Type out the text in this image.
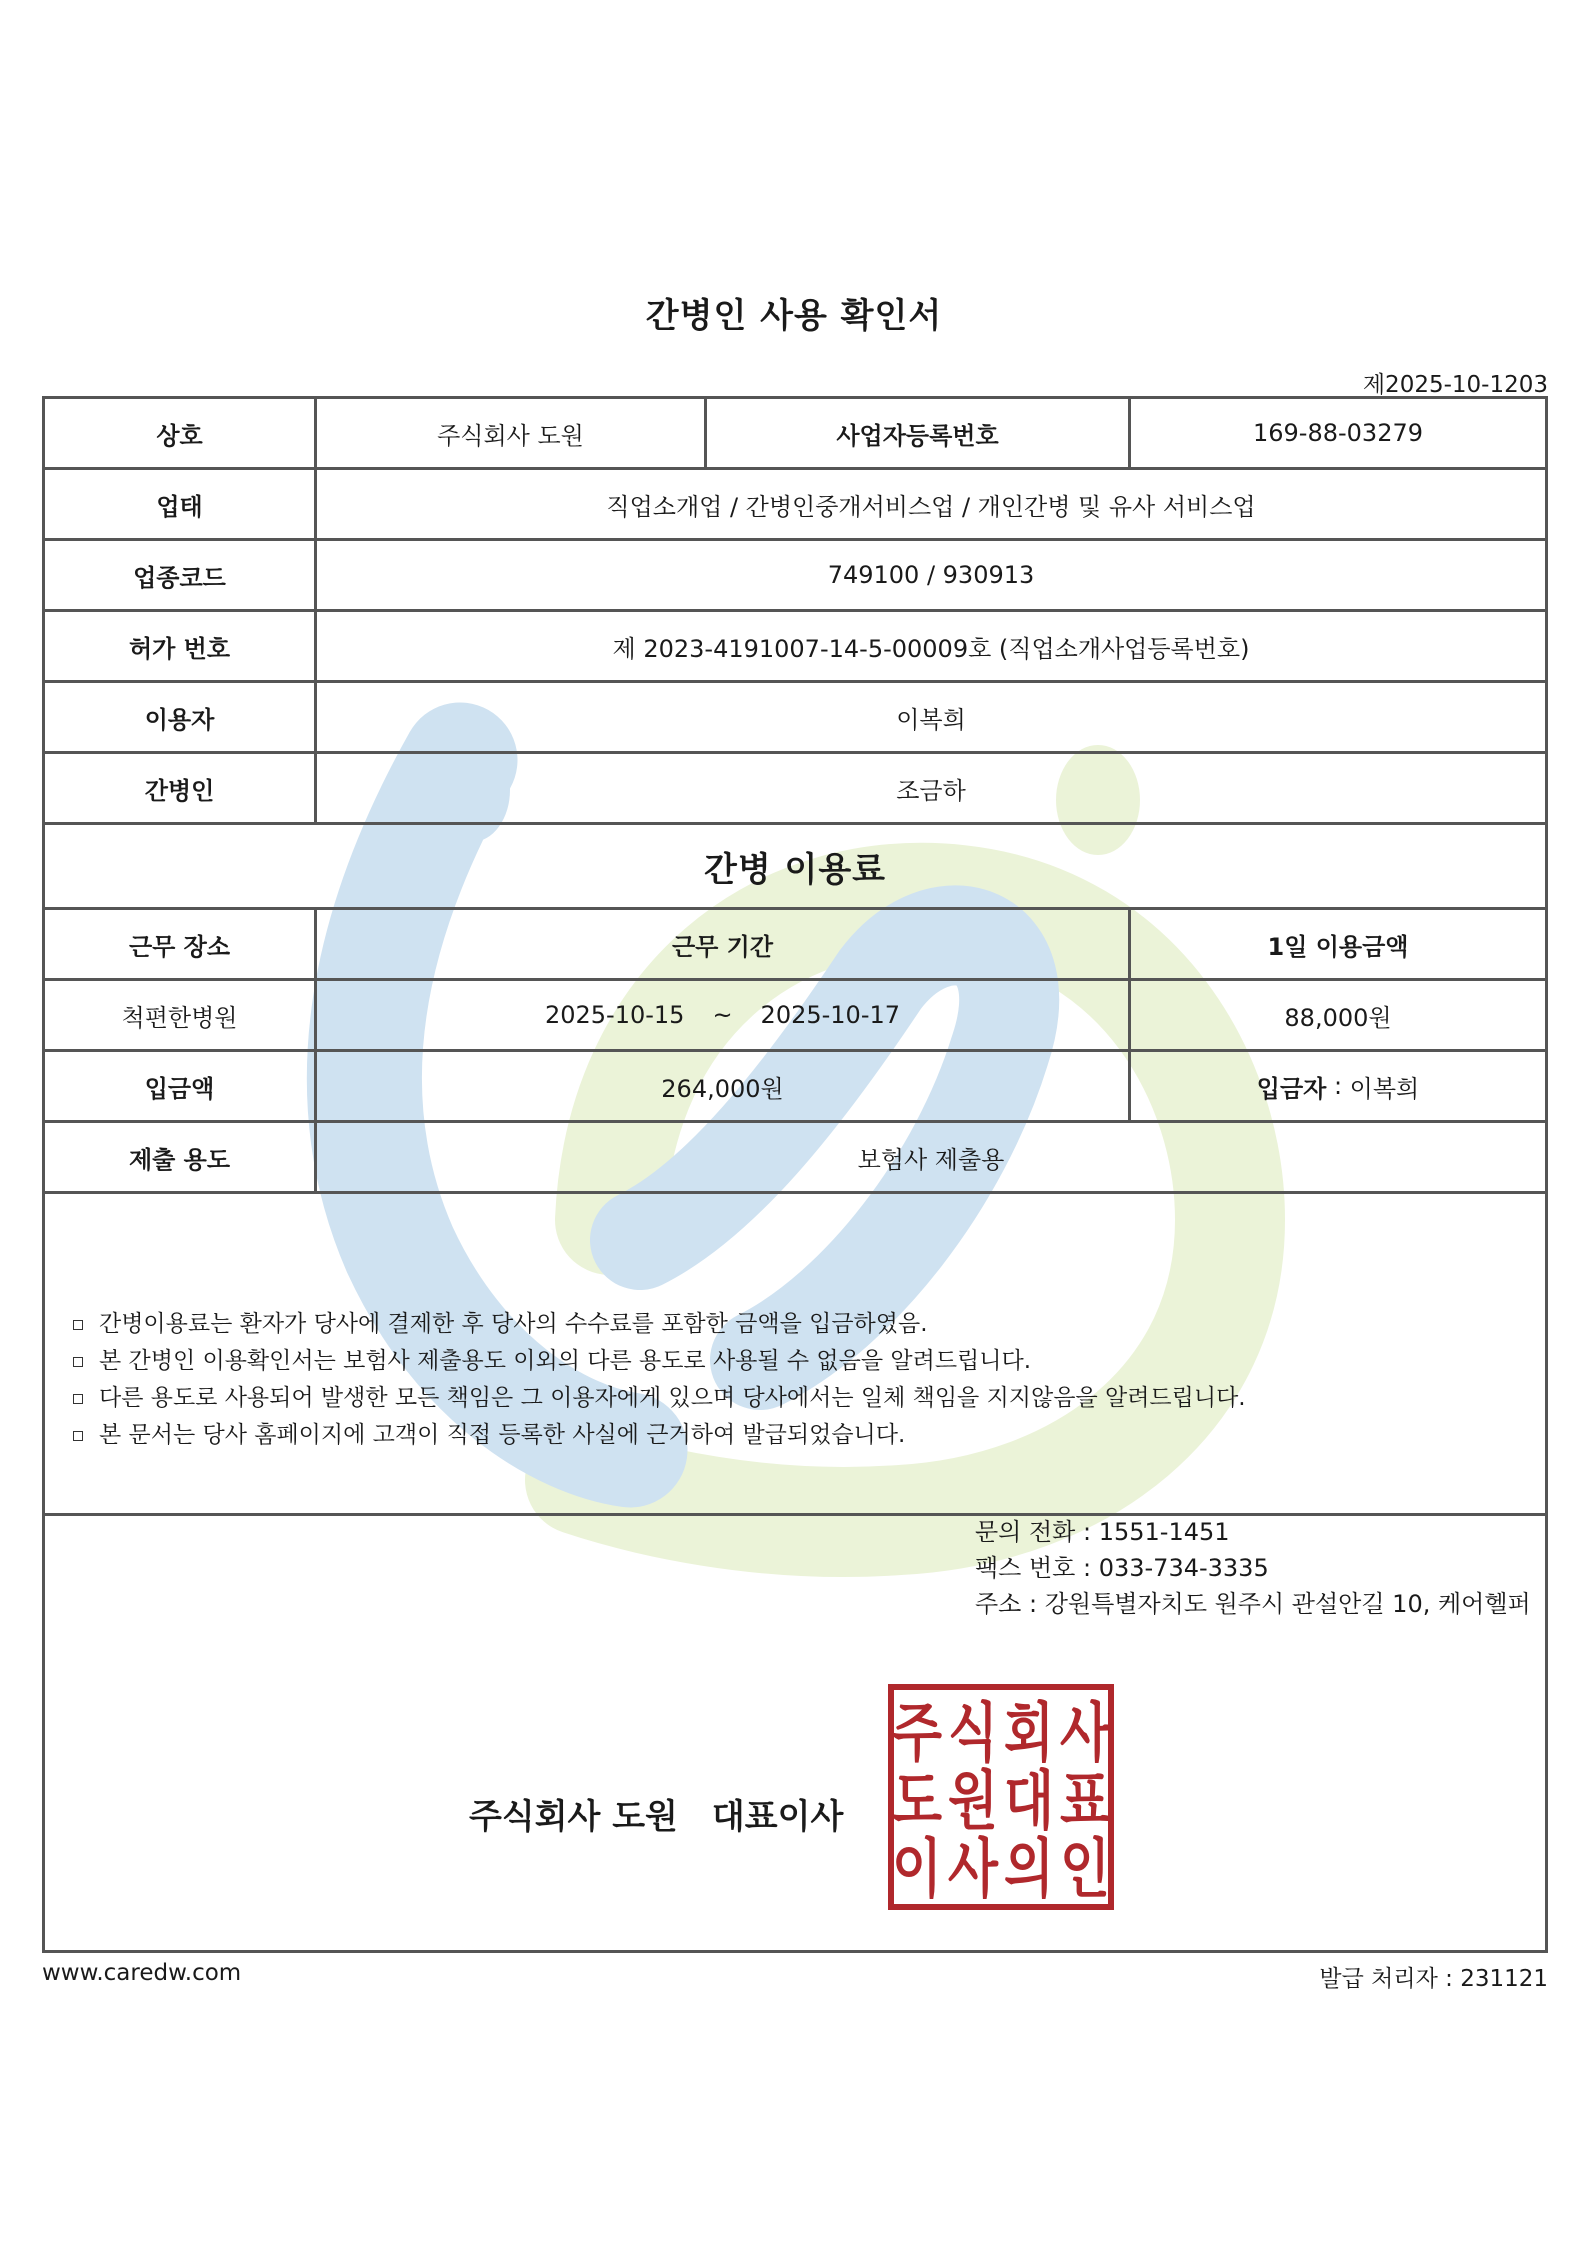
간병인 사용 확인서
제2025-10-1203
상호	주식회사 도원	사업자등록번호	169-88-03279
업태	직업소개업 / 간병인중개서비스업 / 개인간병 및 유사 서비스업
업종코드	749100 / 930913
허가 번호	제 2023-4191007-14-5-00009호 (직업소개사업등록번호)
이용자	이복희
간병인	조금하
간병 이용료
근무 장소	근무 기간	1일 이용금액
척편한병원	2025-10-15 ~ 2025-10-17	88,000원
입금액	264,000원	입금자 : 이복희
제출 용도	보험사 제출용
간병이용료는 환자가 당사에 결제한 후 당사의 수수료를 포함한 금액을 입금하였음.
본 간병인 이용확인서는 보험사 제출용도 이외의 다른 용도로 사용될 수 없음을 알려드립니다.
다른 용도로 사용되어 발생한 모든 책임은 그 이용자에게 있으며 당사에서는 일체 책임을 지지않음을 알려드립니다.
본 문서는 당사 홈페이지에 고객이 직접 등록한 사실에 근거하여 발급되었습니다.
문의 전화 : 1551-1451
팩스 번호 : 033-734-3335
주소 : 강원특별자치도 원주시 관설안길 10, 케어헬퍼
주식회사 도원 대표이사
주 식 회 사
도 원 대 표
이 사 의 인
www.caredw.com	발급 처리자 : 231121
